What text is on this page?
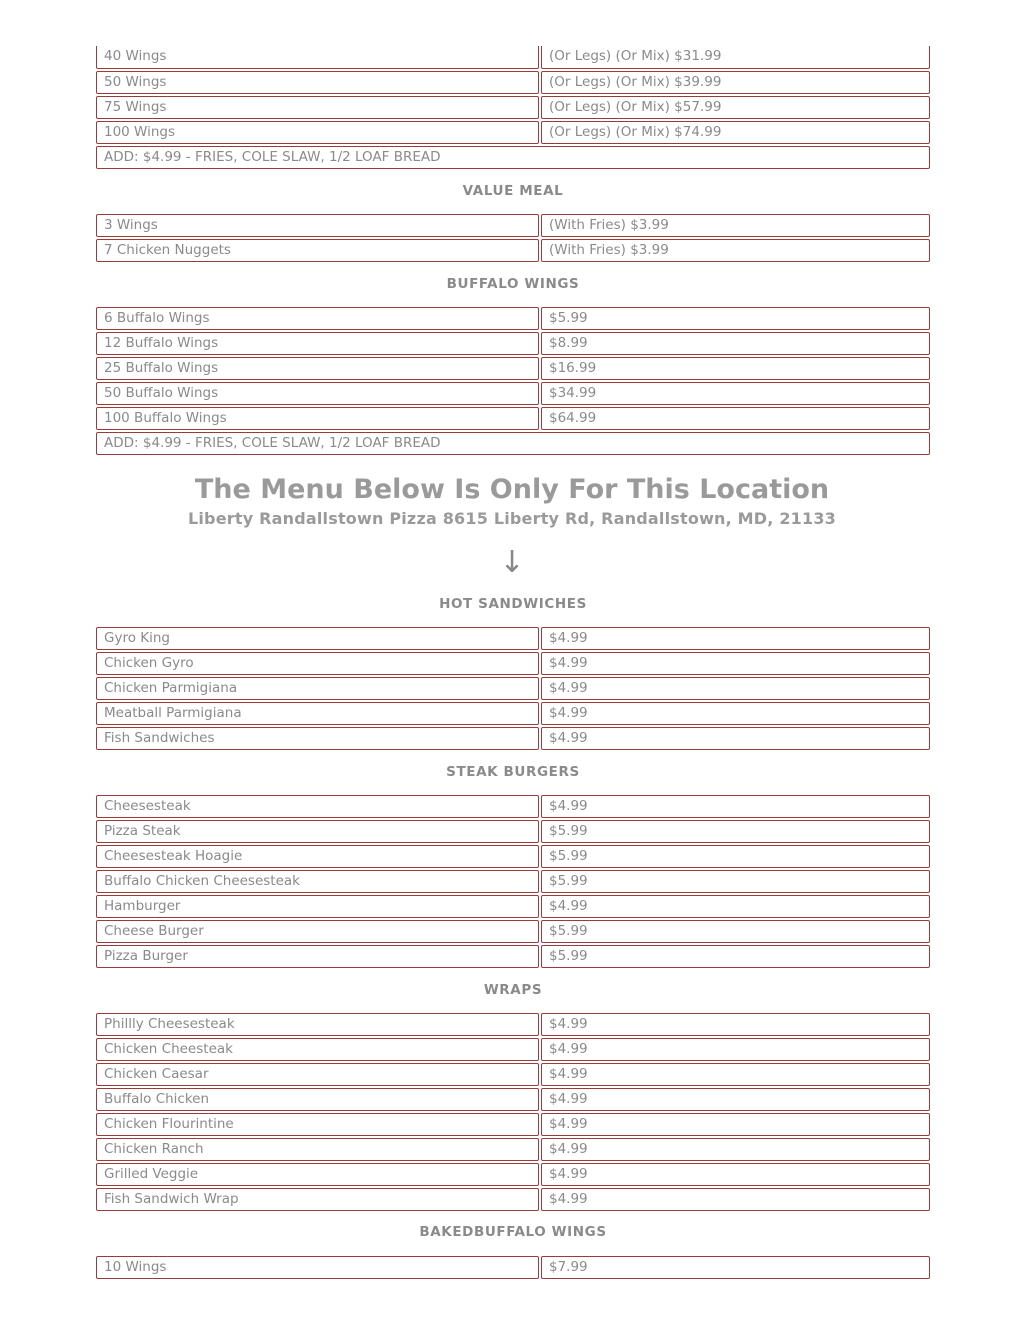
40 Wings	(Or Legs) (Or Mix) $31.99
50 Wings	(Or Legs) (Or Mix) $39.99
75 Wings	(Or Legs) (Or Mix) $57.99
100 Wings	(Or Legs) (Or Mix) $74.99
ADD: $4.99 - FRIES, COLE SLAW, 1/2 LOAF BREAD
VALUE MEAL
3 Wings	(With Fries) $3.99
7 Chicken Nuggets	(With Fries) $3.99
BUFFALO WINGS
6 Buffalo Wings	$5.99
12 Buffalo Wings	$8.99
25 Buffalo Wings	$16.99
50 Buffalo Wings	$34.99
100 Buffalo Wings	$64.99
ADD: $4.99 - FRIES, COLE SLAW, 1/2 LOAF BREAD
The Menu Below Is Only For This Location
Liberty Randallstown Pizza 8615 Liberty Rd, Randallstown, MD, 21133
↓
HOT SANDWICHES
Gyro King	$4.99
Chicken Gyro	$4.99
Chicken Parmigiana	$4.99
Meatball Parmigiana	$4.99
Fish Sandwiches	$4.99
STEAK BURGERS
Cheesesteak	$4.99
Pizza Steak	$5.99
Cheesesteak Hoagie	$5.99
Buffalo Chicken Cheesesteak	$5.99
Hamburger	$4.99
Cheese Burger	$5.99
Pizza Burger	$5.99
WRAPS
Phillly Cheesesteak	$4.99
Chicken Cheesteak	$4.99
Chicken Caesar	$4.99
Buffalo Chicken	$4.99
Chicken Flourintine	$4.99
Chicken Ranch	$4.99
Grilled Veggie	$4.99
Fish Sandwich Wrap	$4.99
BAKEDBUFFALO WINGS
10 Wings	$7.99
